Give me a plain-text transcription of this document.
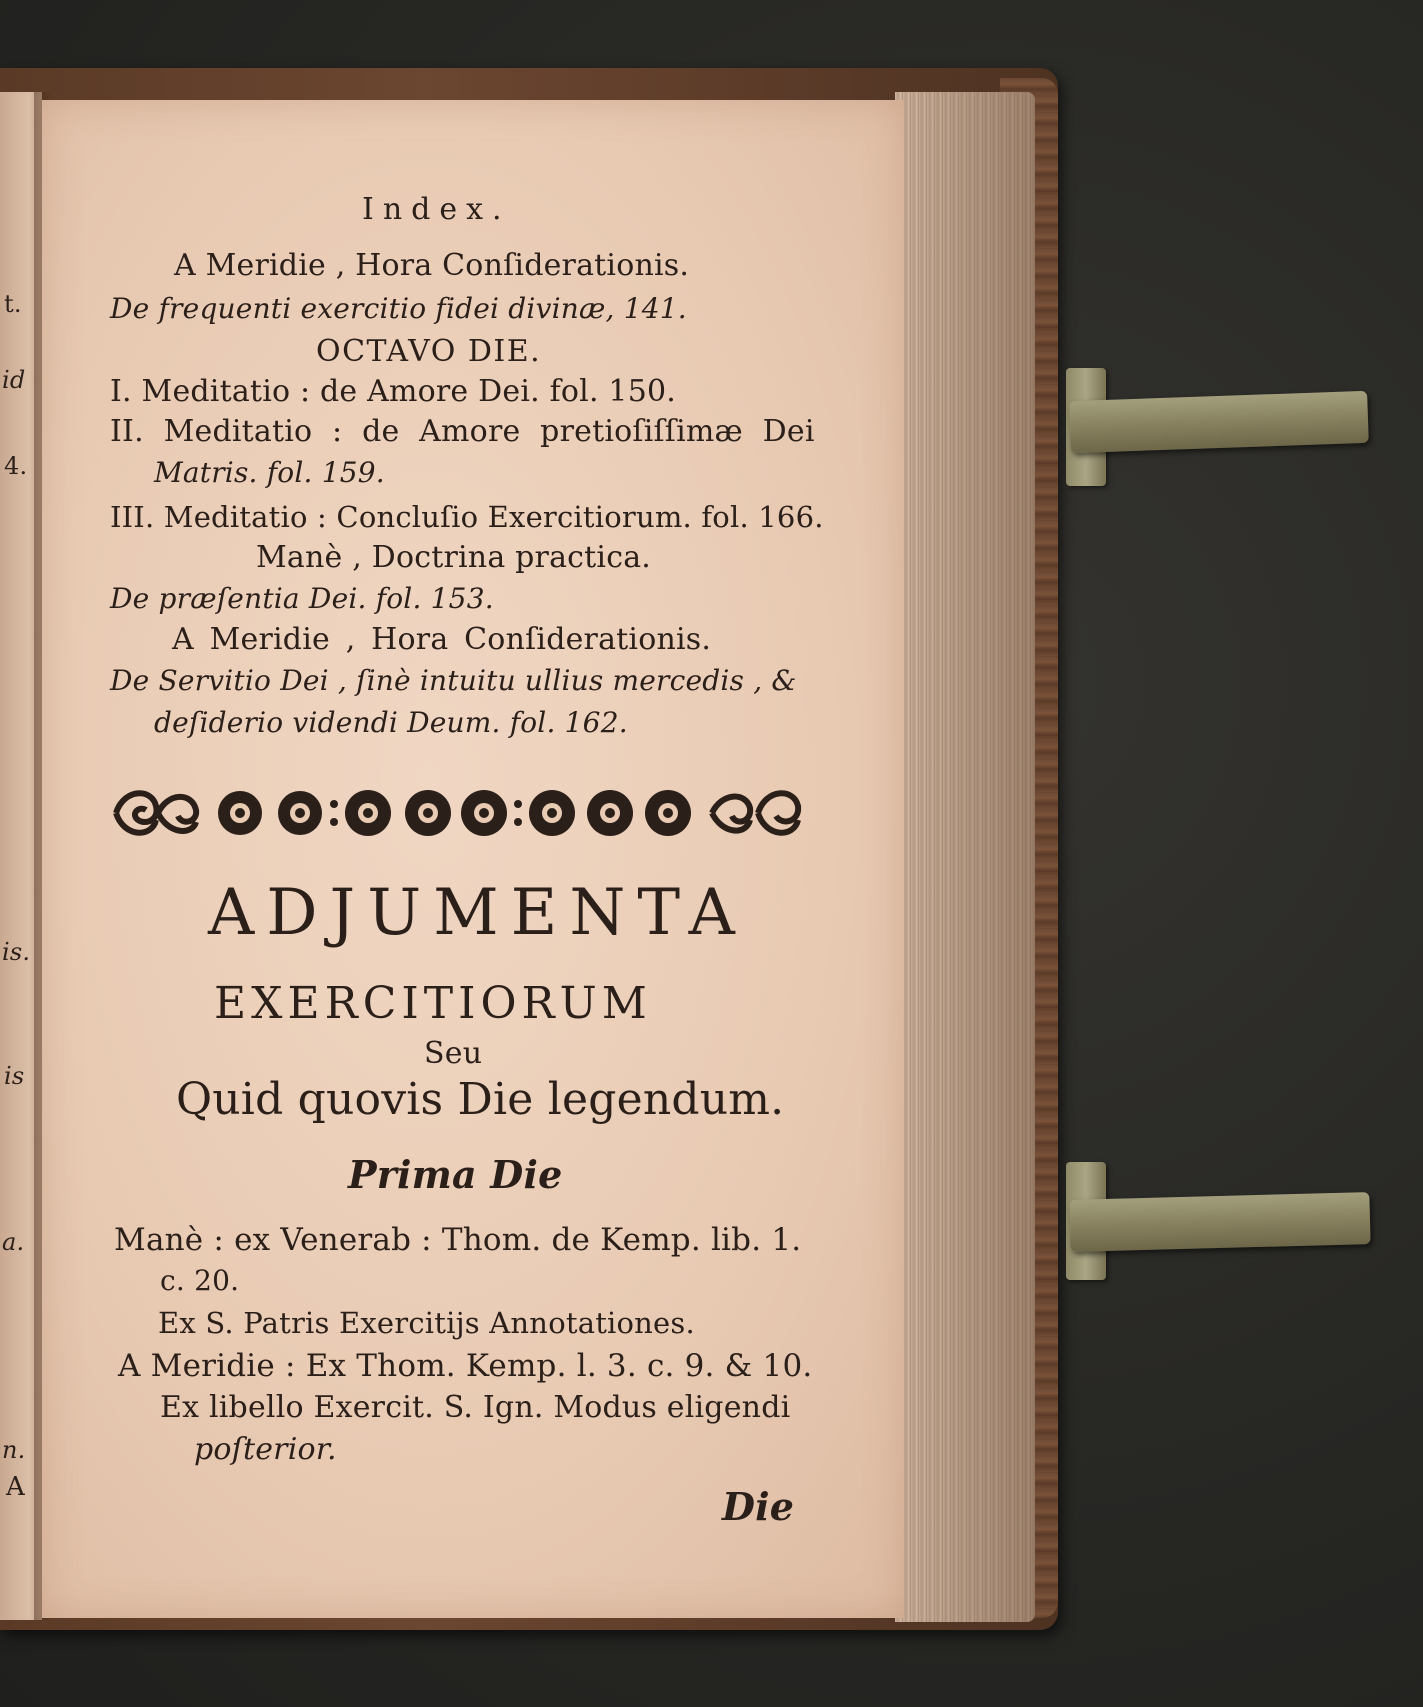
t.
id
4.
is.
is
a.
n.
A
Index.
A Meridie , Hora Conſiderationis.
De frequenti exercitio fidei divinæ, 141.
OCTAVO DIE.
I. Meditatio : de Amore Dei. fol. 150.
II. Meditatio : de Amore pretioſiſſimæ Dei
Matris. fol. 159.
III. Meditatio : Concluſio Exercitiorum. fol. 166.
Manè , Doctrina practica.
De præſentia Dei. fol. 153.
A Meridie , Hora Conſiderationis.
De Servitio Dei , ſinè intuitu ullius mercedis , &
deſiderio videndi Deum. fol. 162.
ADJUMENTA
EXERCITIORUM
Seu
Quid quovis Die legendum.
Prima Die
Manè : ex Venerab : Thom. de Kemp. lib. 1.
c. 20.
Ex S. Patris Exercitijs Annotationes.
A Meridie : Ex Thom. Kemp. l. 3. c. 9. & 10.
Ex libello Exercit. S. Ign. Modus eligendi
poſterior.
Die
